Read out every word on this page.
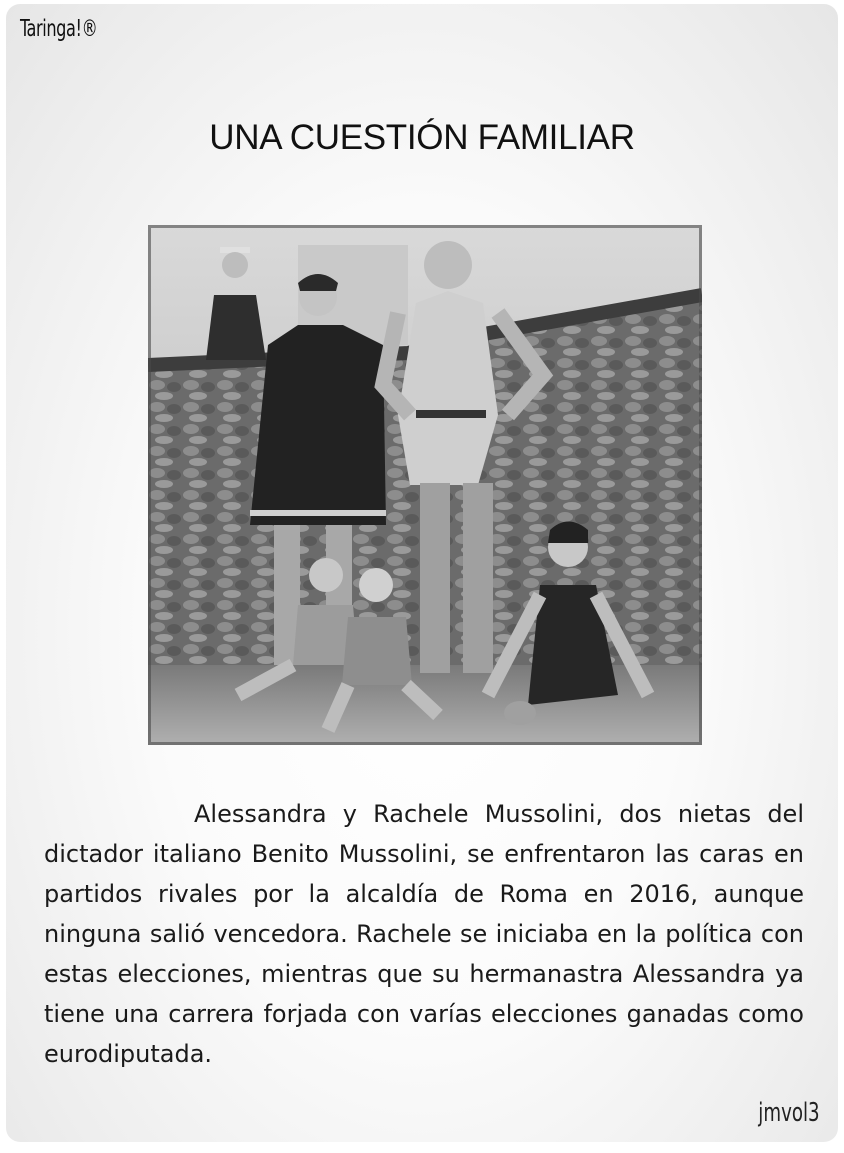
Taringa!®
UNA CUESTIÓN FAMILIAR
Alessandra y Rachele Mussolini, dos nietas del dictador italiano Benito Mussolini, se enfrentaron las caras en partidos rivales por la alcaldía de Roma en 2016, aunque ninguna salió vencedora. Rachele se iniciaba en la política con estas elecciones, mientras que su hermanastra Alessandra ya tiene una carrera forjada con varías elecciones ganadas como eurodiputada.
jmvol3
